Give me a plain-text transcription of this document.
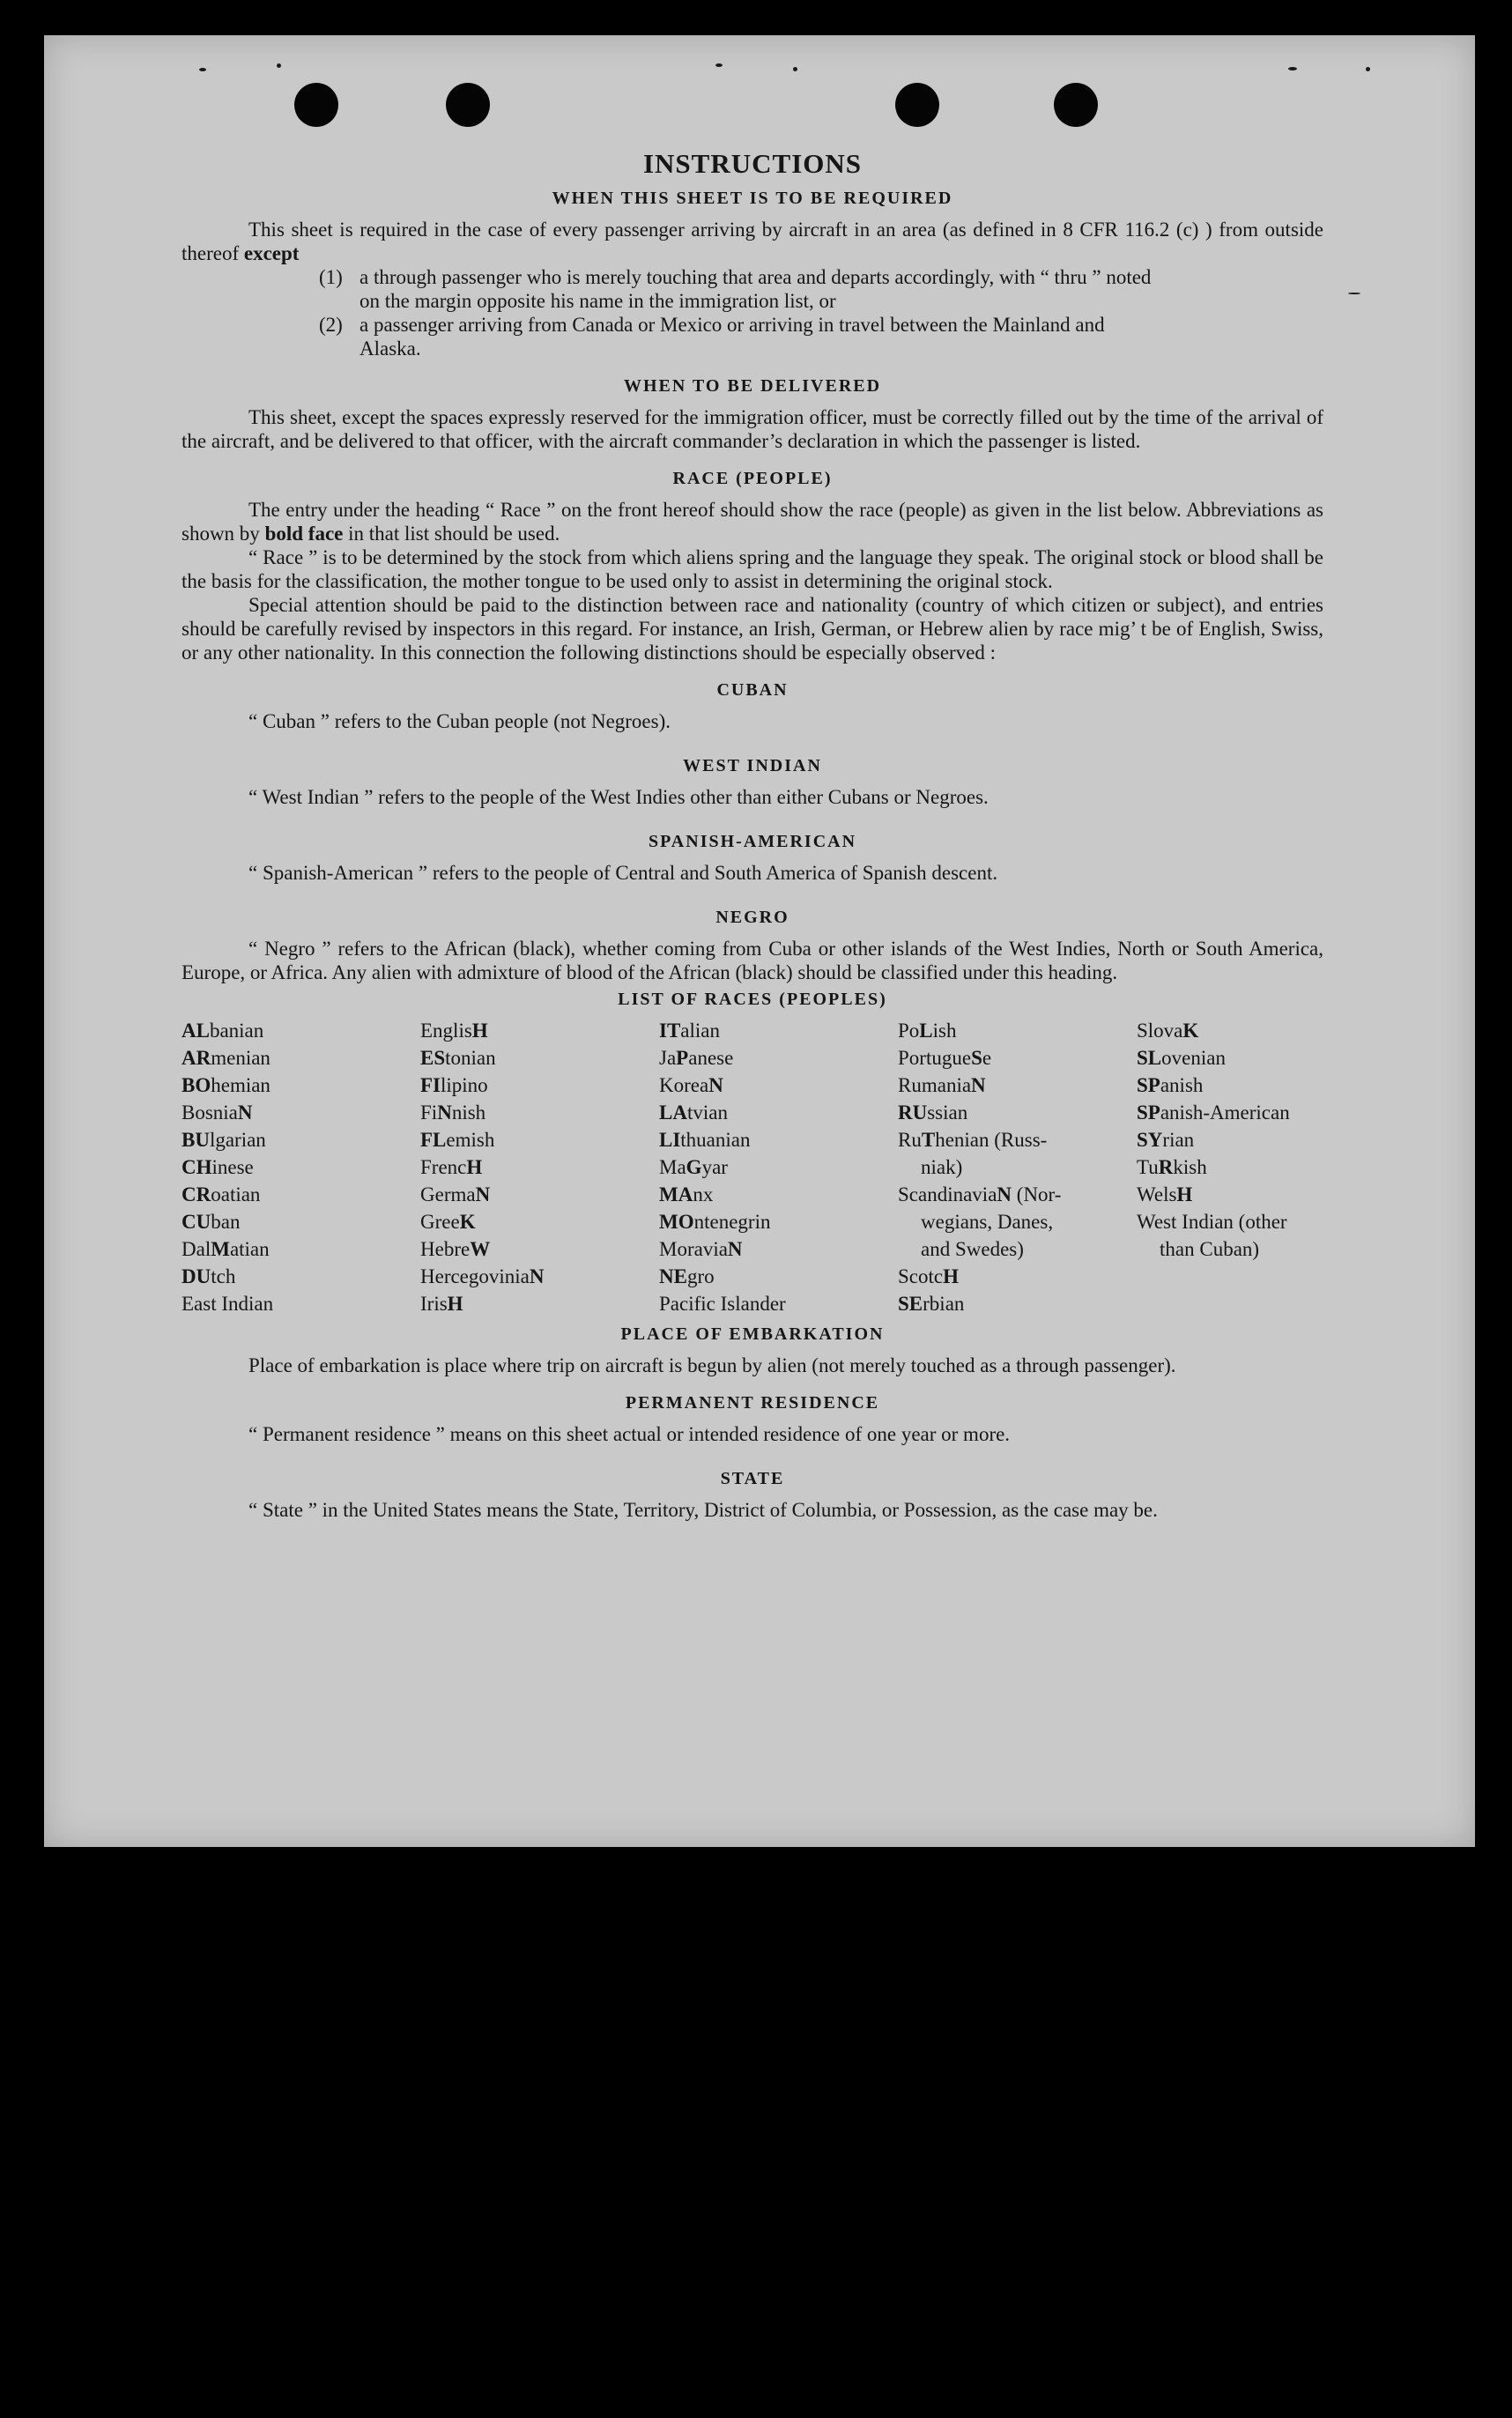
INSTRUCTIONS
WHEN THIS SHEET IS TO BE REQUIRED

This sheet is required in the case of every passenger arriving by aircraft in an area (as defined in 8 CFR 116.2 (c) ) from outside thereof except

(1) a through passenger who is merely touching that area and departs accordingly, with “ thru ” noted
on the margin opposite his name in the immigration list, or
(2) a passenger arriving from Canada or Mexico or arriving in travel between the Mainland and
Alaska.
WHEN TO BE DELIVERED

This sheet, except the spaces expressly reserved for the immigration officer, must be correctly filled out by the time of the arrival of the aircraft, and be delivered to that officer, with the aircraft commander’s declaration in which the passenger is listed.

RACE (PEOPLE)

The entry under the heading “ Race ” on the front hereof should show the race (people) as given in the list below. Abbreviations as shown by bold face in that list should be used.

“ Race ” is to be determined by the stock from which aliens spring and the language they speak. The original stock or blood shall be the basis for the classification, the mother tongue to be used only to assist in determining the original stock.

Special attention should be paid to the distinction between race and nationality (country of which citizen or subject), and entries should be carefully revised by inspectors in this regard. For instance, an Irish, German, or Hebrew alien by race mig’ t be of English, Swiss, or any other nationality. In this connection the following distinctions should be especially observed :

CUBAN
“ Cuban ” refers to the Cuban people (not Negroes).
WEST INDIAN
“ West Indian ” refers to the people of the West Indies other than either Cubans or Negroes.
SPANISH-AMERICAN
“ Spanish-American ” refers to the people of Central and South America of Spanish descent.
NEGRO

“ Negro ” refers to the African (black), whether coming from Cuba or other islands of the West Indies, North or South America, Europe, or Africa. Any alien with admixture of blood of the African (black) should be classified under this heading.

LIST OF RACES (PEOPLES)
ALbanian
ARmenian
BOhemian
BosniaN
BUlgarian
CHinese
CRoatian
CUban
DalMatian
DUtch
East Indian
EnglisH
EStonian
FIlipino
FiNnish
FLemish
FrencH
GermaN
GreeK
HebreW
HercegoviniaN
IrisH
ITalian
JaPanese
KoreaN
LAtvian
LIthuanian
MaGyar
MAnx
MOntenegrin
MoraviaN
NEgro
Pacific Islander
PoLish
PortugueSe
RumaniaN
RUssian
RuThenian (Russ-
niak)
ScandinaviaN (Nor-
wegians, Danes,
and Swedes)
ScotcH
SErbian
SlovaK
SLovenian
SPanish
SPanish-American
SYrian
TuRkish
WelsH
West Indian (other
than Cuban)
PLACE OF EMBARKATION

Place of embarkation is place where trip on aircraft is begun by alien (not merely touched as a through passenger).

PERMANENT RESIDENCE
“ Permanent residence ” means on this sheet actual or intended residence of one year or more.
STATE

“ State ” in the United States means the State, Territory, District of Columbia, or Possession, as the case may be.
